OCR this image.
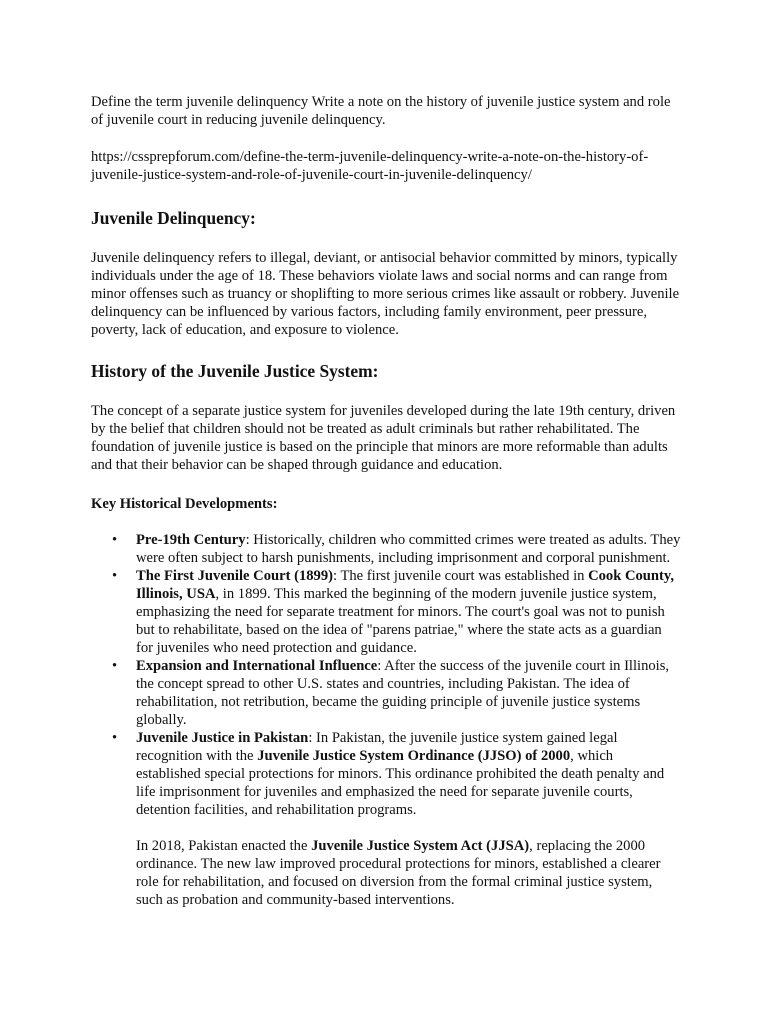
Define the term juvenile delinquency Write a note on the history of juvenile justice system and role of juvenile court in reducing juvenile delinquency.

https://cssprepforum.com/define-the-term-juvenile-delinquency-write-a-note-on-the-history-of-juvenile-justice-system-and-role-of-juvenile-court-in-juvenile-delinquency/

Juvenile Delinquency:

Juvenile delinquency refers to illegal, deviant, or antisocial behavior committed by minors, typically individuals under the age of 18. These behaviors violate laws and social norms and can range from minor offenses such as truancy or shoplifting to more serious crimes like assault or robbery. Juvenile delinquency can be influenced by various factors, including family environment, peer pressure, poverty, lack of education, and exposure to violence.

History of the Juvenile Justice System:

The concept of a separate justice system for juveniles developed during the late 19th century, driven by the belief that children should not be treated as adult criminals but rather rehabilitated. The foundation of juvenile justice is based on the principle that minors are more reformable than adults and that their behavior can be shaped through guidance and education.

Key Historical Developments:
• Pre-19th Century: Historically, children who committed crimes were treated as adults. They were often subject to harsh punishments, including imprisonment and corporal punishment.
• The First Juvenile Court (1899): The first juvenile court was established in Cook County, Illinois, USA, in 1899. This marked the beginning of the modern juvenile justice system, emphasizing the need for separate treatment for minors. The court's goal was not to punish but to rehabilitate, based on the idea of "parens patriae," where the state acts as a guardian for juveniles who need protection and guidance.
• Expansion and International Influence: After the success of the juvenile court in Illinois, the concept spread to other U.S. states and countries, including Pakistan. The idea of rehabilitation, not retribution, became the guiding principle of juvenile justice systems globally.
• Juvenile Justice in Pakistan: In Pakistan, the juvenile justice system gained legal recognition with the Juvenile Justice System Ordinance (JJSO) of 2000, which established special protections for minors. This ordinance prohibited the death penalty and life imprisonment for juveniles and emphasized the need for separate juvenile courts, detention facilities, and rehabilitation programs.
In 2018, Pakistan enacted the Juvenile Justice System Act (JJSA), replacing the 2000 ordinance. The new law improved procedural protections for minors, established a clearer role for rehabilitation, and focused on diversion from the formal criminal justice system, such as probation and community-based interventions.
